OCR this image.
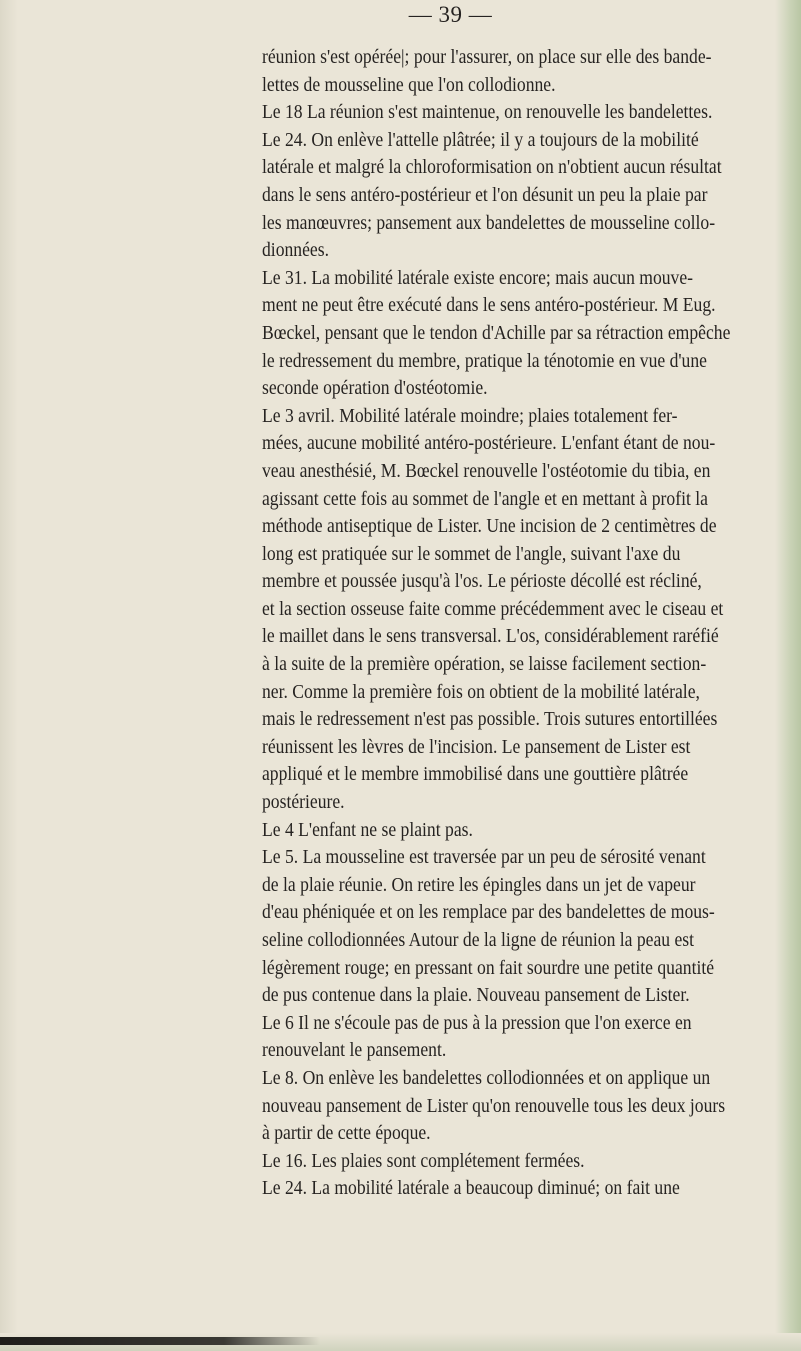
— 39 —
réunion s'est opérée|; pour l'assurer, on place sur elle des bande-
lettes de mousseline que l'on collodionne.
Le 18 La réunion s'est maintenue, on renouvelle les bandelettes.
Le 24. On enlève l'attelle plâtrée; il y a toujours de la mobilité
latérale et malgré la chloroformisation on n'obtient aucun résultat
dans le sens antéro-postérieur et l'on désunit un peu la plaie par
les manœuvres; pansement aux bandelettes de mousseline collo-
dionnées.
Le 31. La mobilité latérale existe encore; mais aucun mouve-
ment ne peut être exécuté dans le sens antéro-postérieur. M Eug.
Bœckel, pensant que le tendon d'Achille par sa rétraction empêche
le redressement du membre, pratique la ténotomie en vue d'une
seconde opération d'ostéotomie.
Le 3 avril. Mobilité latérale moindre; plaies totalement fer-
mées, aucune mobilité antéro-postérieure. L'enfant étant de nou-
veau anesthésié, M. Bœckel renouvelle l'ostéotomie du tibia, en
agissant cette fois au sommet de l'angle et en mettant à profit la
méthode antiseptique de Lister. Une incision de 2 centimètres de
long est pratiquée sur le sommet de l'angle, suivant l'axe du
membre et poussée jusqu'à l'os. Le périoste décollé est récliné,
et la section osseuse faite comme précédemment avec le ciseau et
le maillet dans le sens transversal. L'os, considérablement raréfié
à la suite de la première opération, se laisse facilement section-
ner. Comme la première fois on obtient de la mobilité latérale,
mais le redressement n'est pas possible. Trois sutures entortillées
réunissent les lèvres de l'incision. Le pansement de Lister est
appliqué et le membre immobilisé dans une gouttière plâtrée
postérieure.
Le 4 L'enfant ne se plaint pas.
Le 5. La mousseline est traversée par un peu de sérosité venant
de la plaie réunie. On retire les épingles dans un jet de vapeur
d'eau phéniquée et on les remplace par des bandelettes de mous-
seline collodionnées Autour de la ligne de réunion la peau est
légèrement rouge; en pressant on fait sourdre une petite quantité
de pus contenue dans la plaie. Nouveau pansement de Lister.
Le 6 Il ne s'écoule pas de pus à la pression que l'on exerce en
renouvelant le pansement.
Le 8. On enlève les bandelettes collodionnées et on applique un
nouveau pansement de Lister qu'on renouvelle tous les deux jours
à partir de cette époque.
Le 16. Les plaies sont complétement fermées.
Le 24. La mobilité latérale a beaucoup diminué; on fait une
